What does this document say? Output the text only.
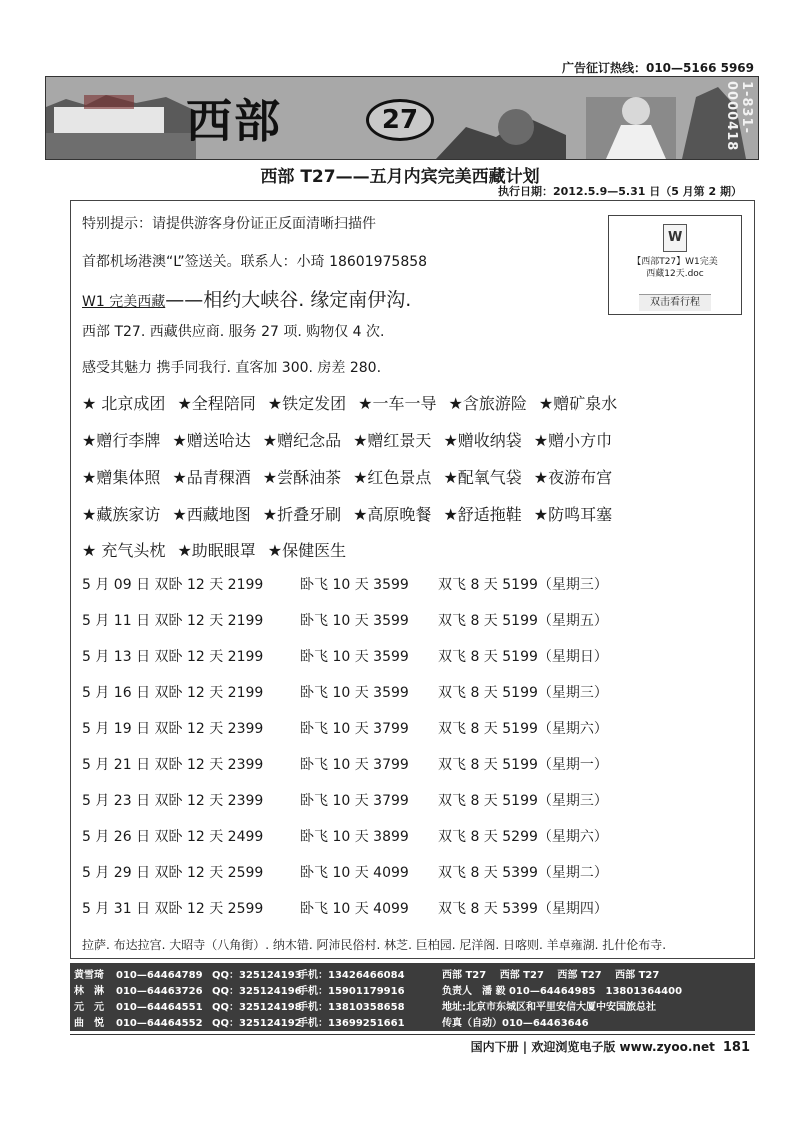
广告征订热线：010—5166 5969
西部	27	1-831-0000418
西部 T27——五月内宾完美西藏计划
执行日期：2012.5.9—5.31 日（5 月第 2 期）
特别提示：请提供游客身份证正反面清晰扫描件
首都机场港澳“L”签送关。联系人：小琦 18601975858
W1 完美西藏——相约大峡谷. 缘定南伊沟.
西部 T27. 西藏供应商. 服务 27 项. 购物仅 4 次.
感受其魅力 携手同我行. 直客加 300. 房差 280.
W
【西部T27】W1完美
西藏12天.doc
双击看行程
★ 北京成团 ★全程陪同 ★铁定发团 ★一车一导 ★含旅游险 ★赠矿泉水
★赠行李牌 ★赠送哈达 ★赠纪念品 ★赠红景天 ★赠收纳袋 ★赠小方巾
★赠集体照 ★品青稞酒 ★尝酥油茶 ★红色景点 ★配氧气袋 ★夜游布宫
★藏族家访 ★西藏地图 ★折叠牙刷 ★高原晚餐 ★舒适拖鞋 ★防鸣耳塞
★ 充气头枕 ★助眠眼罩 ★保健医生
5 月 09 日 双卧 12 天 2199	卧飞 10 天 3599 双飞 8 天 5199（星期三）
5 月 11 日 双卧 12 天 2199	卧飞 10 天 3599 双飞 8 天 5199（星期五）
5 月 13 日 双卧 12 天 2199	卧飞 10 天 3599 双飞 8 天 5199（星期日）
5 月 16 日 双卧 12 天 2199	卧飞 10 天 3599 双飞 8 天 5199（星期三）
5 月 19 日 双卧 12 天 2399	卧飞 10 天 3799 双飞 8 天 5199（星期六）
5 月 21 日 双卧 12 天 2399	卧飞 10 天 3799 双飞 8 天 5199（星期一）
5 月 23 日 双卧 12 天 2399	卧飞 10 天 3799 双飞 8 天 5199（星期三）
5 月 26 日 双卧 12 天 2499	卧飞 10 天 3899 双飞 8 天 5299（星期六）
5 月 29 日 双卧 12 天 2599	卧飞 10 天 4099 双飞 8 天 5399（星期二）
5 月 31 日 双卧 12 天 2599	卧飞 10 天 4099 双飞 8 天 5399（星期四）
拉萨. 布达拉宫. 大昭寺（八角街）. 纳木错. 阿沛民俗村. 林芝. 巨柏园. 尼洋阁. 日喀则. 羊卓雍湖. 扎什伦布寺.
黄雪琦 010—64464789 QQ：325124193手机：13426466084	西部 T27　 西部 T27　 西部 T27　 西部 T27
林　淋 010—64463726 QQ：325124196手机：15901179916	负责人　潘 毅 010—64464985　13801364400
元　元 010—64464551 QQ：325124198手机：13810358658	地址:北京市东城区和平里安信大厦中安国旅总社
曲　悦 010—64464552 QQ：325124192手机：13699251661	传真（自动）010—64463646
国内下册 | 欢迎浏览电子版 www.zyoo.net 181
